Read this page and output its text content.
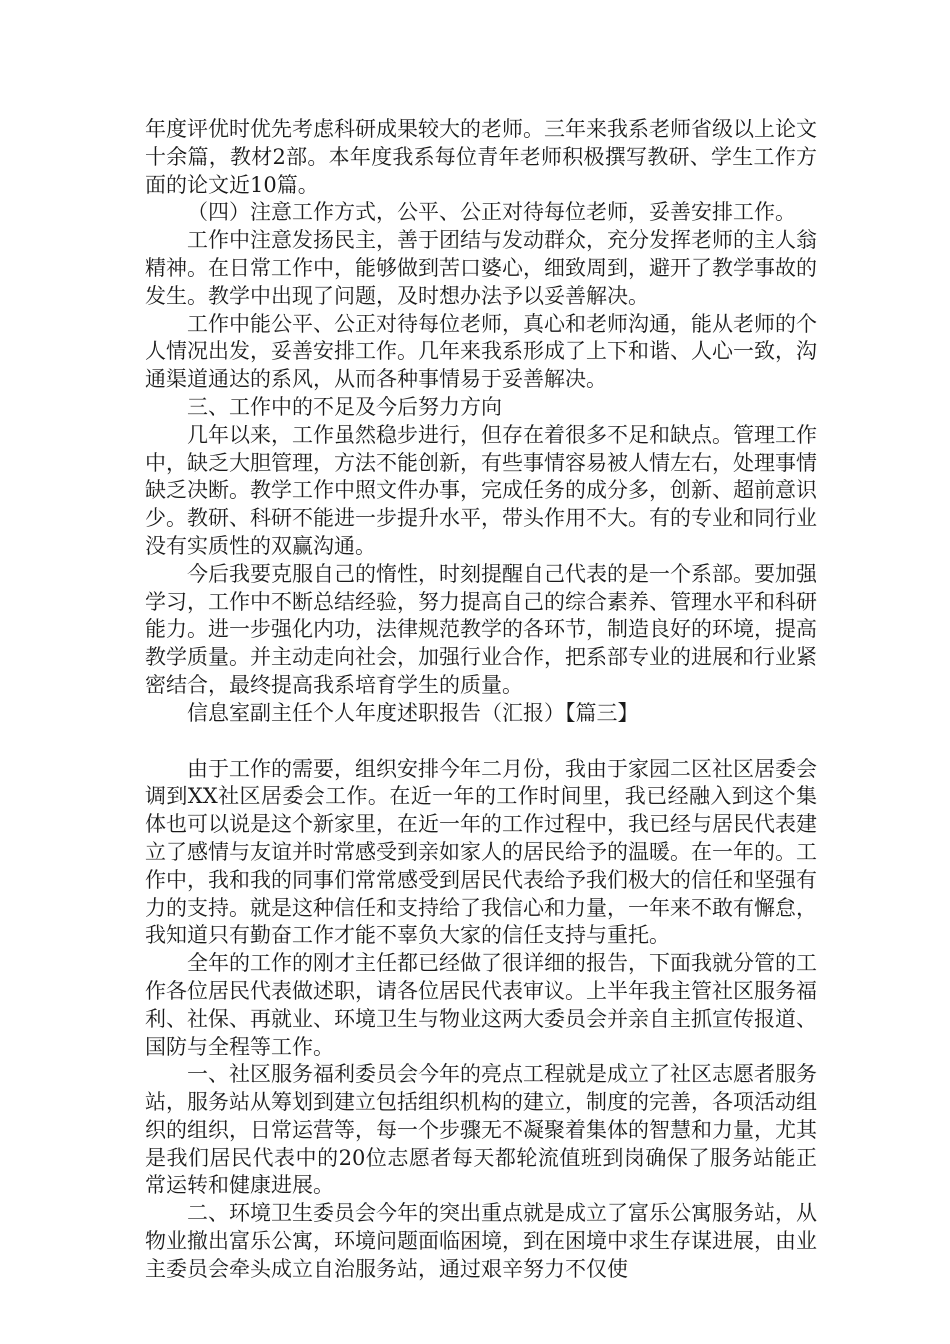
年度评优时优先考虑科研成果较大的老师。三年来我系老师省级以上论文十余篇，教材2部。本年度我系每位青年老师积极撰写教研、学生工作方面的论文近10篇。

（四）注意工作方式，公平、公正对待每位老师，妥善安排工作。

工作中注意发扬民主，善于团结与发动群众，充分发挥老师的主人翁精神。在日常工作中，能够做到苦口婆心，细致周到，避开了教学事故的发生。教学中出现了问题，及时想办法予以妥善解决。

工作中能公平、公正对待每位老师，真心和老师沟通，能从老师的个人情况出发，妥善安排工作。几年来我系形成了上下和谐、人心一致，沟通渠道通达的系风，从而各种事情易于妥善解决。

三、工作中的不足及今后努力方向

几年以来，工作虽然稳步进行，但存在着很多不足和缺点。管理工作中，缺乏大胆管理，方法不能创新，有些事情容易被人情左右，处理事情缺乏决断。教学工作中照文件办事，完成任务的成分多，创新、超前意识少。教研、科研不能进一步提升水平，带头作用不大。有的专业和同行业没有实质性的双赢沟通。

今后我要克服自己的惰性，时刻提醒自己代表的是一个系部。要加强学习，工作中不断总结经验，努力提高自己的综合素养、管理水平和科研能力。进一步强化内功，法律规范教学的各环节，制造良好的环境，提高教学质量。并主动走向社会，加强行业合作，把系部专业的进展和行业紧密结合，最终提高我系培育学生的质量。

信息室副主任个人年度述职报告（汇报）【篇三】

由于工作的需要，组织安排今年二月份，我由于家园二区社区居委会调到XX社区居委会工作。在近一年的工作时间里，我已经融入到这个集体也可以说是这个新家里，在近一年的工作过程中，我已经与居民代表建立了感情与友谊并时常感受到亲如家人的居民给予的温暖。在一年的。工作中，我和我的同事们常常感受到居民代表给予我们极大的信任和坚强有力的支持。就是这种信任和支持给了我信心和力量，一年来不敢有懈怠，我知道只有勤奋工作才能不辜负大家的信任支持与重托。

全年的工作的刚才主任都已经做了很详细的报告，下面我就分管的工作各位居民代表做述职，请各位居民代表审议。上半年我主管社区服务福利、社保、再就业、环境卫生与物业这两大委员会并亲自主抓宣传报道、国防与全程等工作。

一、社区服务福利委员会今年的亮点工程就是成立了社区志愿者服务站，服务站从筹划到建立包括组织机构的建立，制度的完善，各项活动组织的组织，日常运营等，每一个步骤无不凝聚着集体的智慧和力量，尤其是我们居民代表中的20位志愿者每天都轮流值班到岗确保了服务站能正常运转和健康进展。

二、环境卫生委员会今年的突出重点就是成立了富乐公寓服务站，从物业撤出富乐公寓，环境问题面临困境，到在困境中求生存谋进展，由业主委员会牵头成立自治服务站，通过艰辛努力不仅使
